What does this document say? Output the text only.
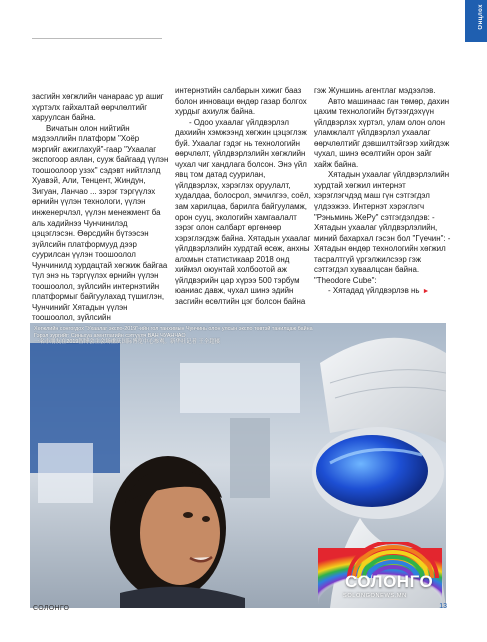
Онцлох

засгийн хөгжлийн чанараас ур ашиг хүртэлх гайхалтай өөрчлөлтийг харуулсан байна.

Вичатын олон нийтийн мэдээллийн платформ "Хоёр мэргийг ажиглахуй"-гаар "Ухаалаг экспогоор аялан, сууж байгаад үүлэн тоошоолоор узэх" сэдэвт нийтлэлд Хуавэй, Али, Тенцент, Жиндун, Зигуан, Ланчао ... зэрэг тэргүүлэх өрнийн үүлэн технологи, үүлэн инженерчлэл, үүлэн менежмент ба аль хадийнээ Чунчинилэд цэцэглэсэн. Өөрсдийн бүтээсэн зүйлсийн платформууд дээр суурилсан үүлэн тоошоолол Чунчинилд хурдацтай хөгжиж байгаа түл энэ нь тэргүүлэх өрнийн үүлэн тоошоолол, зүйлсийн интернэтийн платформыг байгуулахад түшиглэн, Чунчинийг Хятадын үүлэн тоошоолол, зүйлсийн

интернэтийн салбарын хижиг бааз болон инноваци өндөр газар болгох хурдыг ахиулж байна.

- Одоо ухаалаг үйлдвэрлэл дахиийн хэмжээнд хөгжин цэцэглэж буй. Ухаалаг гэдэг нь технологийн өөрчлөлт, үйлдвэрлэлийн хөгжлийн чухал чиг хандлага болсон. Энэ үйл явц том датад суурилан, үйлдвэрлэх, хэрэглэх оруулалт, худалдаа, болосрол, эмчилгээ, соёл, зам харилцаа, барилга байгууламж, орон сууц, экологийн хамгаалалт зэрэг олон салбарт өргөнөөр хэрэглэгдэж байна. Хятадын ухаалаг үйлдвэрлэлийн хурдтай өсөж, анхны алхмын статистикаар 2018 онд хиймэл оюунтай холбоотой аж үйлдвэрийн цар хүрээ 500 тэрбум юаниас давж, чухал шинэ эдийн засгийн өсөлтийн цэг болсон байна

гэж Жуншинь агентлаг мэдээлэв.

Авто машинаас ган төмөр, дахин цахим технологийн бүтээгдэхүүн үйлдвэрлэх хүртэл, улам олон олон уламжлалт үйлдвэрлэл ухаалаг өөрчлөлтийг дэвшилтэйгээр хийгдэж чухал, шинэ өсөлтийн орон зайг хайж байна.

Хятадын ухаалаг үйлдвэрлэлийн хурдтай хөгжил интернэт хэрэглэгчдэд маш гүн сэтгэгдэл үлдээжээ. Интернэт хэрэглэгч "Рэньминь ЖеРу" сэтгэгдэлдэв: - Хятадын ухаалаг үйлдвэрлэлийн, миний бахархал гэсэн бол "Гүечин": - Хятадын өндөр технологийн хөгжил тасралтгүй үргэлжилсээр гэж сэтгэгдэл хуваалцсан байна. "Theodore Cube":

- Хятадад үйлдвэрлэв нь ►

Хөгжлийн сонгогдох "Ухаалаг экспо-2019"-ийн гол танхимын Чунчинь олон улсын экспо төвтэй танилцаж байна
Гэрэл зургийг: Синьхуа агентлагийн сэтгүүлч ВАН ЧУАНЧАО
一名小朋友在2019智博会主会场重庆国际博览中心参观。新华社记者 王全超摄
СОЛОНГО
SOLONGONEWS.MN
СОЛОНГО	13
